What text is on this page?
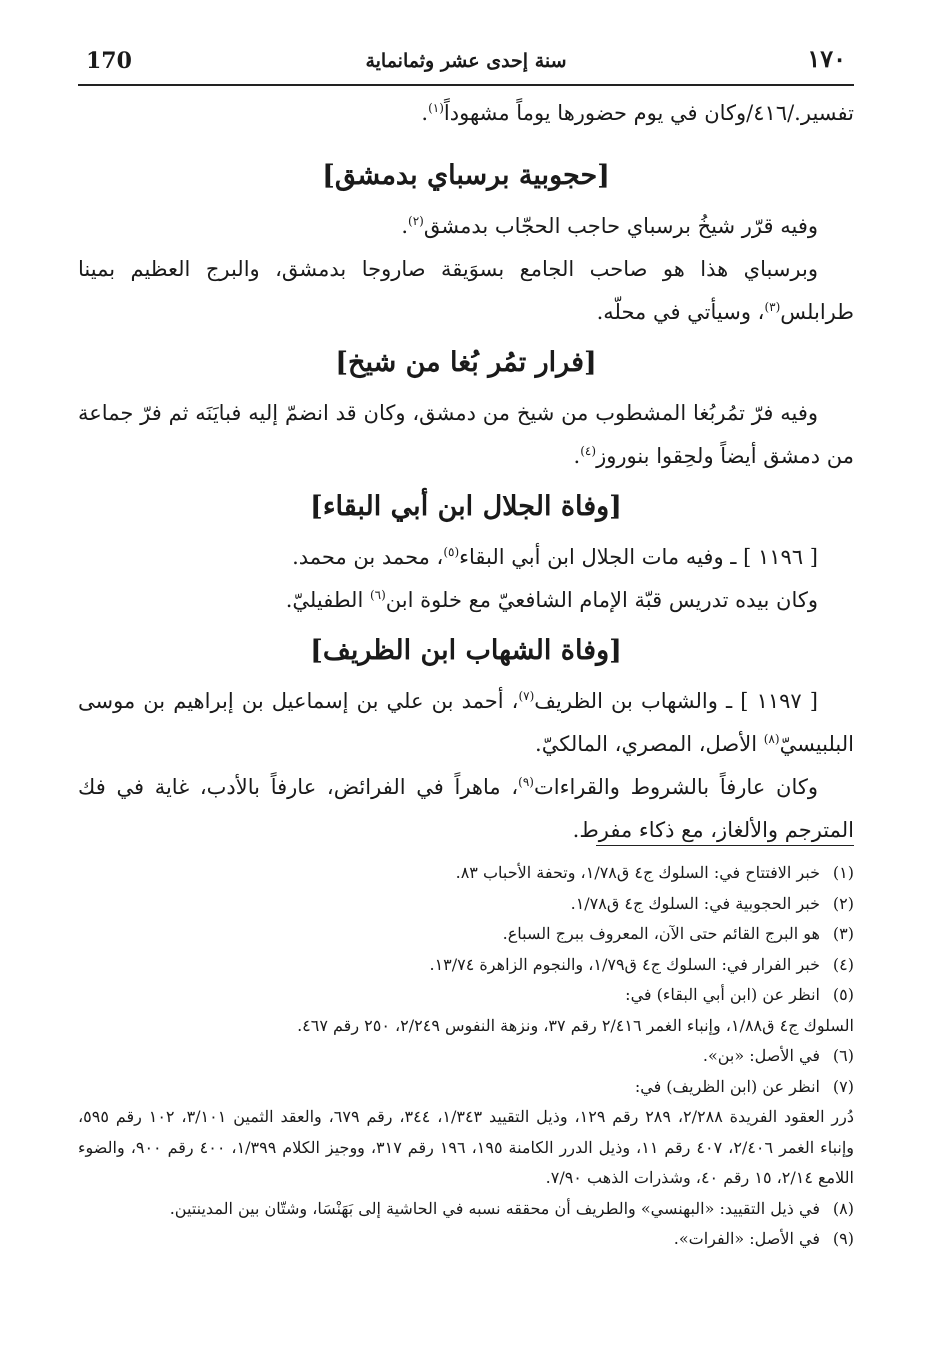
170	سنة إحدى عشر وثمانماية	١٧٠

تفسير./٤١٦/وكان في يوم حضورها يوماً مشهوداً$^{(١)}$.

[حجوبية برسباي بدمشق]

وفيه قرّر شيخُ برسباي حاجب الحجّاب بدمشق$^{(٢)}$.

وبرسباي هذا هو صاحب الجامع بسوَيقة صاروجا بدمشق، والبرج العظيم بمينا طرابلس$^{(٣)}$، وسيأتي في محلّه.

[فرار تمُر بُغا من شيخ]

وفيه فرّ تمُربُغا المشطوب من شيخ من دمشق، وكان قد انضمّ إليه فبايَنَه ثم فرّ جماعة من دمشق أيضاً ولحِقوا بنوروز$^{(٤)}$.

[وفاة الجلال ابن أبي البقاء]

[ ١١٩٦ ] ـ وفيه مات الجلال ابن أبي البقاء$^{(٥)}$، محمد بن محمد.

وكان بيده تدريس قبّة الإمام الشافعيّ مع خلوة ابن$^{(٦)}$ الطفيليّ.

[وفاة الشهاب ابن الظريف]

[ ١١٩٧ ] ـ والشهاب بن الظريف$^{(٧)}$، أحمد بن علي بن إسماعيل بن إبراهيم بن موسى البلبيسيّ$^{(٨)}$ الأصل، المصري، المالكيّ.

وكان عارفاً بالشروط والقراءات$^{(٩)}$، ماهراً في الفرائض، عارفاً بالأدب، غاية في فك المترجم والألغاز، مع ذكاء مفرط.

(١)خبر الافتتاح في: السلوك ج٤ ق١/٧٨، وتحفة الأحباب ٨٣.

(٢)خبر الحجوبية في: السلوك ج٤ ق١/٧٨.

(٣)هو البرج القائم حتى الآن، المعروف ببرج السباع.

(٤)خبر الفرار في: السلوك ج٤ ق١/٧٩، والنجوم الزاهرة ١٣/٧٤.

(٥)انظر عن (ابن أبي البقاء) في:

السلوك ج٤ ق١/٨٨، وإنباء الغمر ٢/٤١٦ رقم ٣٧، ونزهة النفوس ٢/٢٤٩، ٢٥٠ رقم ٤٦٧.

(٦)في الأصل: «بن».

(٧)انظر عن (ابن الظريف) في:

دُرر العقود الفريدة ٢/٢٨٨، ٢٨٩ رقم ١٢٩، وذيل التقييد ١/٣٤٣، ٣٤٤، رقم ٦٧٩، والعقد الثمين ٣/١٠١، ١٠٢ رقم ٥٩٥، وإنباء الغمر ٢/٤٠٦، ٤٠٧ رقم ١١، وذيل الدرر الكامنة ١٩٥، ١٩٦ رقم ٣١٧، ووجيز الكلام ١/٣٩٩، ٤٠٠ رقم ٩٠٠، والضوء اللامع ٢/١٤، ١٥ رقم ٤٠، وشذرات الذهب ٧/٩٠.

(٨)في ذيل التقييد: «البهنسي» والطريف أن محققه نسبه في الحاشية إلى بَهَنْسَا، وشتّان بين المدينتين.

(٩)في الأصل: «الفرات».
